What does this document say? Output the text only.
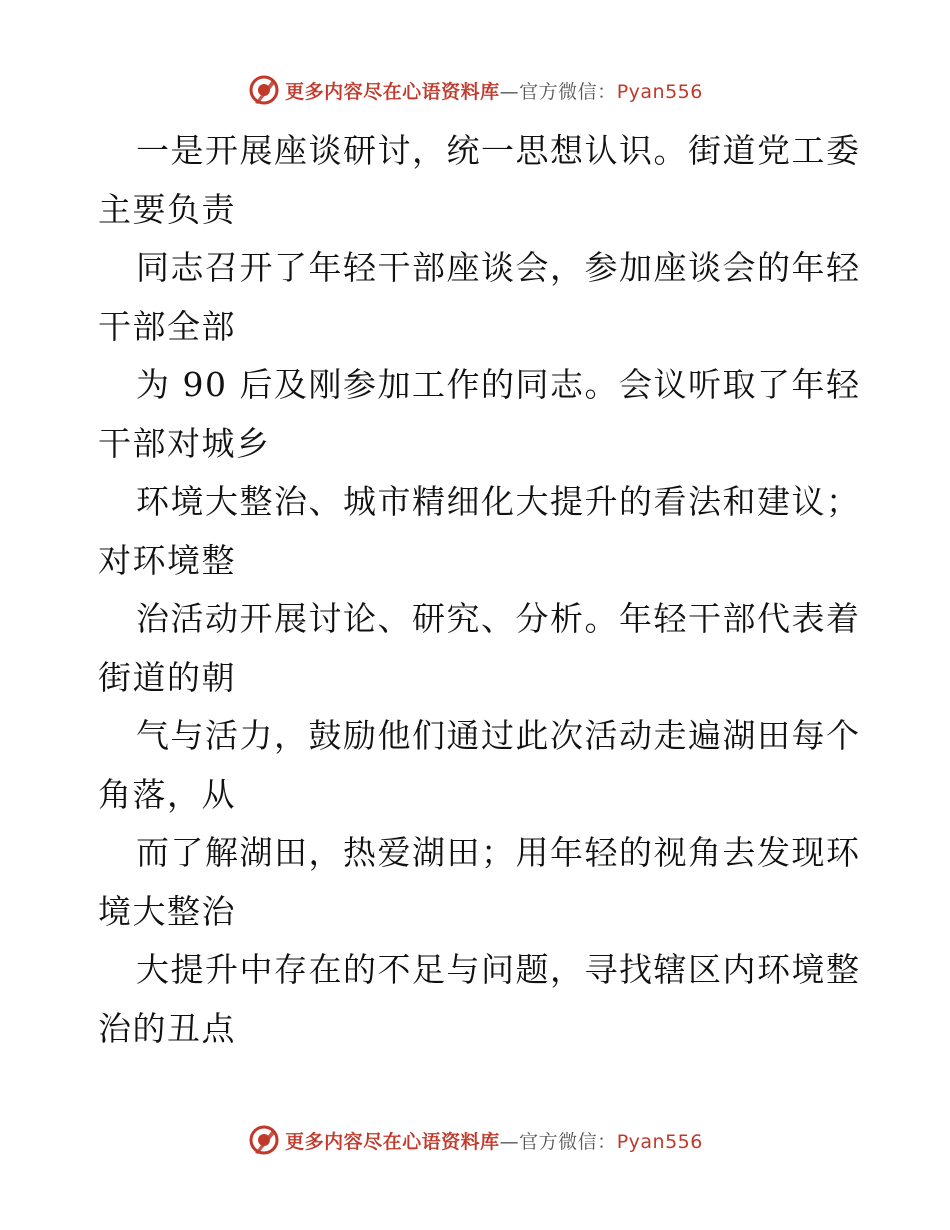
更多内容尽在心语资料库—官方微信：Pyan556
一是开展座谈研讨，统一思想认识。街道党工委
主要负责
同志召开了年轻干部座谈会，参加座谈会的年轻
干部全部
为 90 后及刚参加工作的同志。会议听取了年轻
干部对城乡
环境大整治、城市精细化大提升的看法和建议；
对环境整
治活动开展讨论、研究、分析。年轻干部代表着
街道的朝
气与活力，鼓励他们通过此次活动走遍湖田每个
角落，从
而了解湖田，热爱湖田；用年轻的视角去发现环
境大整治
大提升中存在的不足与问题，寻找辖区内环境整
治的丑点
更多内容尽在心语资料库—官方微信：Pyan556
